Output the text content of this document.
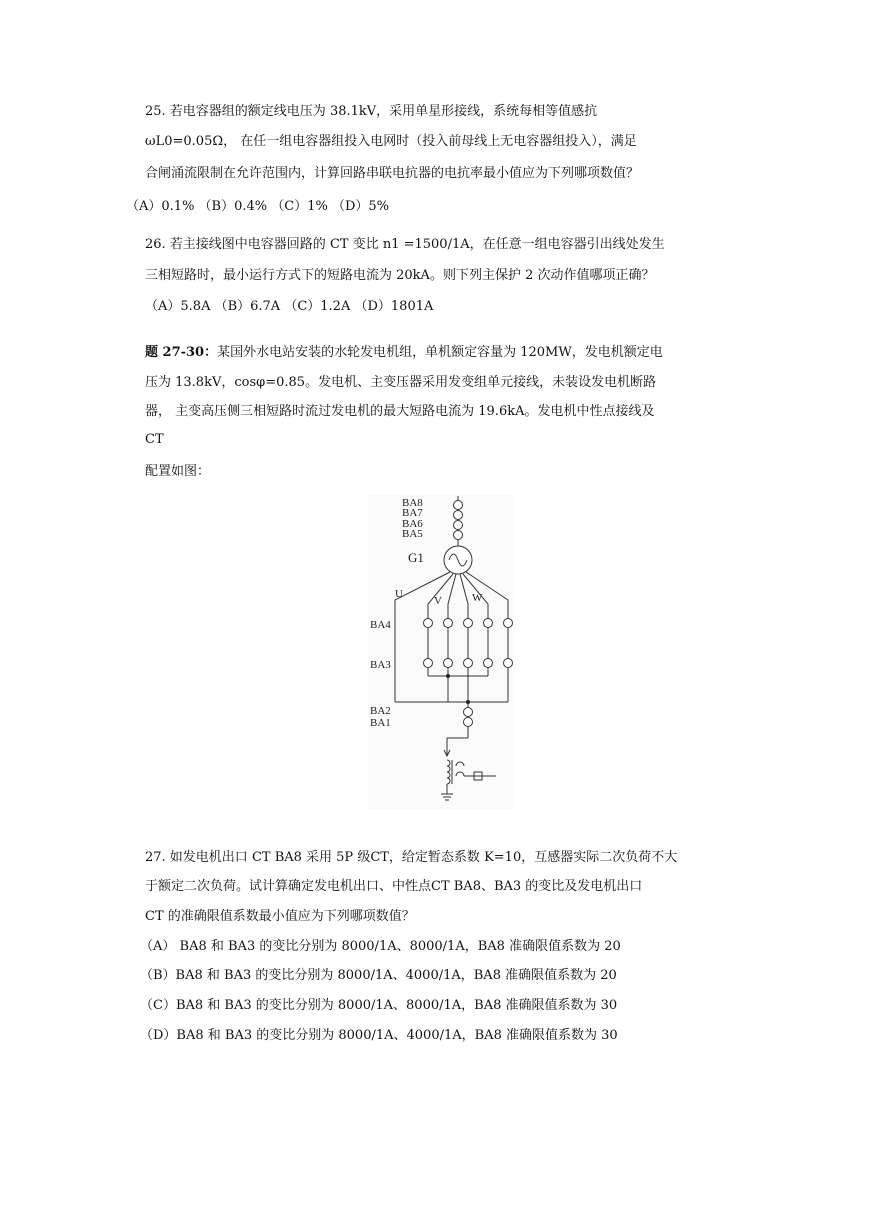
25. 若电容器组的额定线电压为 38.1kV，采用单星形接线，系统每相等值感抗
ωL0=0.05Ω， 在任一组电容器组投入电网时（投入前母线上无电容器组投入），满足
合闸涌流限制在允许范围内，计算回路串联电抗器的电抗率最小值应为下列哪项数值？
（A）0.1% （B）0.4% （C）1% （D）5%
26. 若主接线图中电容器回路的 CT 变比 n1 =1500/1A，在任意一组电容器引出线处发生
三相短路时，最小运行方式下的短路电流为 20kA。则下列主保护 2 次动作值哪项正确？
（A）5.8A （B）6.7A （C）1.2A （D）1801A
题 27-30：某国外水电站安装的水轮发电机组，单机额定容量为 120MW，发电机额定电
压为 13.8kV，cosφ=0.85。发电机、主变压器采用发变组单元接线，未装设发电机断路
器， 主变高压侧三相短路时流过发电机的最大短路电流为 19.6kA。发电机中性点接线及
CT
配置如图：
BA8
BA7
BA6
BA5
G1
U
V	W
BA4
BA3
BA2
BA1
27. 如发电机出口 CT BA8 采用 5P 级CT，给定暂态系数 K=10，互感器实际二次负荷不大
于额定二次负荷。试计算确定发电机出口、中性点CT BA8、BA3 的变比及发电机出口
CT 的准确限值系数最小值应为下列哪项数值？
（A） BA8 和 BA3 的变比分别为 8000/1A、8000/1A，BA8 准确限值系数为 20
（B）BA8 和 BA3 的变比分别为 8000/1A、4000/1A，BA8 准确限值系数为 20
（C）BA8 和 BA3 的变比分别为 8000/1A、8000/1A，BA8 准确限值系数为 30
（D）BA8 和 BA3 的变比分别为 8000/1A、4000/1A，BA8 准确限值系数为 30
